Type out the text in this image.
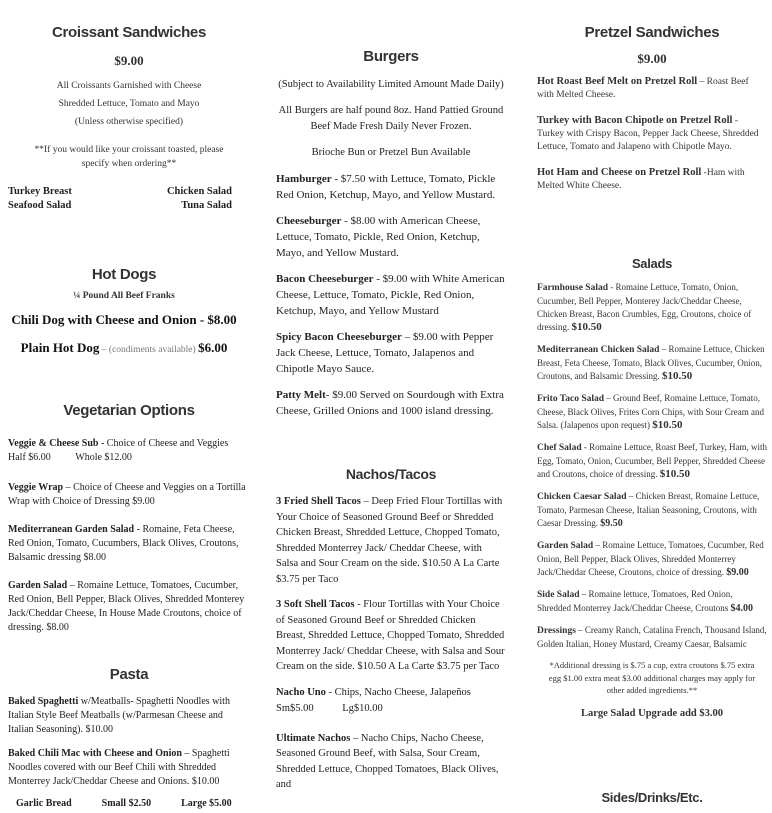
Croissant Sandwiches
$9.00
All Croissants Garnished with Cheese
Shredded Lettuce, Tomato and Mayo
(Unless otherwise specified)
**If you would like your croissant toasted, please
specify when ordering**
Turkey Breast	Chicken Salad
Seafood Salad	Tuna Salad
Hot Dogs
¼ Pound All Beef Franks
Chili Dog with Cheese and Onion - $8.00
Plain Hot Dog – (condiments available) $6.00
Vegetarian Options
Veggie & Cheese Sub - Choice of Cheese and Veggies
Half $6.00 Whole $12.00
Veggie Wrap – Choice of Cheese and Veggies on a Tortilla Wrap with Choice of Dressing $9.00
Mediterranean Garden Salad - Romaine, Feta Cheese, Red Onion, Tomato, Cucumbers, Black Olives, Croutons, Balsamic dressing $8.00
Garden Salad – Romaine Lettuce, Tomatoes, Cucumber, Red Onion, Bell Pepper, Black Olives, Shredded Monterey Jack/Cheddar Cheese, In House Made Croutons, choice of dressing. $8.00
Pasta
Baked Spaghetti w/Meatballs- Spaghetti Noodles with Italian Style Beef Meatballs (w/Parmesan Cheese and Italian Seasoning). $10.00
Baked Chili Mac with Cheese and Onion – Spaghetti Noodles covered with our Beef Chili with Shredded Monterrey Jack/Cheddar Cheese and Onions. $10.00
Garlic Bread	Small $2.50	Large $5.00
Burgers
(Subject to Availability Limited Amount Made Daily)
All Burgers are half pound 8oz. Hand Pattied Ground Beef Made Fresh Daily Never Frozen.
Brioche Bun or Pretzel Bun Available
Hamburger - $7.50 with Lettuce, Tomato, Pickle Red Onion, Ketchup, Mayo, and Yellow Mustard.
Cheeseburger - $8.00 with American Cheese, Lettuce, Tomato, Pickle, Red Onion, Ketchup, Mayo, and Yellow Mustard.
Bacon Cheeseburger - $9.00 with White American Cheese, Lettuce, Tomato, Pickle, Red Onion, Ketchup, Mayo, and Yellow Mustard
Spicy Bacon Cheeseburger – $9.00 with Pepper Jack Cheese, Lettuce, Tomato, Jalapenos and Chipotle Mayo Sauce.
Patty Melt- $9.00 Served on Sourdough with Extra Cheese, Grilled Onions and 1000 island dressing.
Nachos/Tacos
3 Fried Shell Tacos – Deep Fried Flour Tortillas with Your Choice of Seasoned Ground Beef or Shredded Chicken Breast, Shredded Lettuce, Chopped Tomato, Shredded Monterrey Jack/ Cheddar Cheese, with Salsa and Sour Cream on the side. $10.50 A La Carte $3.75 per Taco
3 Soft Shell Tacos - Flour Tortillas with Your Choice of Seasoned Ground Beef or Shredded Chicken Breast, Shredded Lettuce, Chopped Tomato, Shredded Monterrey Jack/ Cheddar Cheese, with Salsa and Sour Cream on the side. $10.50 A La Carte $3.75 per Taco
Nacho Uno - Chips, Nacho Cheese, Jalapeños
Sm$5.00	Lg$10.00
Ultimate Nachos – Nacho Chips, Nacho Cheese, Seasoned Ground Beef, with Salsa, Sour Cream, Shredded Lettuce, Chopped Tomatoes, Black Olives, and
Pretzel Sandwiches
$9.00
Hot Roast Beef Melt on Pretzel Roll – Roast Beef with Melted Cheese.
Turkey with Bacon Chipotle on Pretzel Roll - Turkey with Crispy Bacon, Pepper Jack Cheese, Shredded Lettuce, Tomato and Jalapeno with Chipotle Mayo.
Hot Ham and Cheese on Pretzel Roll -Ham with Melted White Cheese.
Salads
Farmhouse Salad - Romaine Lettuce, Tomato, Onion, Cucumber, Bell Pepper, Monterey Jack/Cheddar Cheese, Chicken Breast, Bacon Crumbles, Egg, Croutons, choice of dressing. $10.50
Mediterranean Chicken Salad – Romaine Lettuce, Chicken Breast, Feta Cheese, Tomato, Black Olives, Cucumber, Onion, Croutons, and Balsamic Dressing. $10.50
Frito Taco Salad – Ground Beef, Romaine Lettuce, Tomato, Cheese, Black Olives, Frites Corn Chips, with Sour Cream and Salsa. (Jalapenos upon request) $10.50
Chef Salad - Romaine Lettuce, Roast Beef, Turkey, Ham, with Egg, Tomato, Onion, Cucumber, Bell Pepper, Shredded Cheese and Croutons, choice of dressing. $10.50
Chicken Caesar Salad – Chicken Breast, Romaine Lettuce, Tomato, Parmesan Cheese, Italian Seasoning, Croutons, with Caesar Dressing. $9.50
Garden Salad – Romaine Lettuce, Tomatoes, Cucumber, Red Onion, Bell Pepper, Black Olives, Shredded Monterrey Jack/Cheddar Cheese, Croutons, choice of dressing. $9.00
Side Salad – Romaine lettuce, Tomatoes, Red Onion, Shredded Monterrey Jack/Cheddar Cheese, Croutons $4.00
Dressings – Creamy Ranch, Catalina French, Thousand Island, Golden Italian, Honey Mustard, Creamy Caesar, Balsamic
*Additional dressing is $.75 a cup, extra croutons $.75 extra egg $1.00 extra meat $3.00 additional charges may apply for other added ingredients.**
Large Salad Upgrade add $3.00
Sides/Drinks/Etc.
